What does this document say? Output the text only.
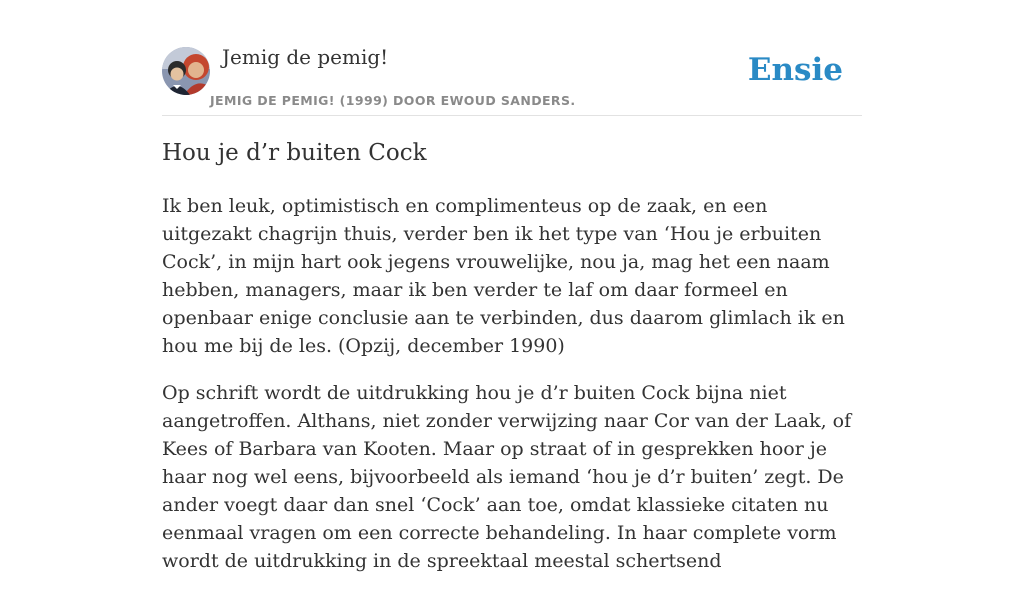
Jemig de pemig!
JEMIG DE PEMIG! (1999) DOOR EWOUD SANDERS.
Ensie
Hou je d’r buiten Cock

Ik ben leuk, optimistisch en complimenteus op de zaak, en een uitgezakt chagrijn thuis, verder ben ik het type van ‘Hou je erbuiten Cock’, in mijn hart ook jegens vrouwelijke, nou ja, mag het een naam hebben, managers, maar ik ben verder te laf om daar formeel en openbaar enige conclusie aan te verbinden, dus daarom glimlach ik en hou me bij de les. (Opzij, december 1990)

Op schrift wordt de uitdrukking hou je d’r buiten Cock bijna niet aangetroffen. Althans, niet zonder verwijzing naar Cor van der Laak, of Kees of Barbara van Kooten. Maar op straat of in gesprekken hoor je haar nog wel eens, bijvoorbeeld als iemand ‘hou je d’r buiten’ zegt. De ander voegt daar dan snel ‘Cock’ aan toe, omdat klassieke citaten nu eenmaal vragen om een correcte behandeling. In haar complete vorm wordt de uitdrukking in de spreektaal meestal schertsend
